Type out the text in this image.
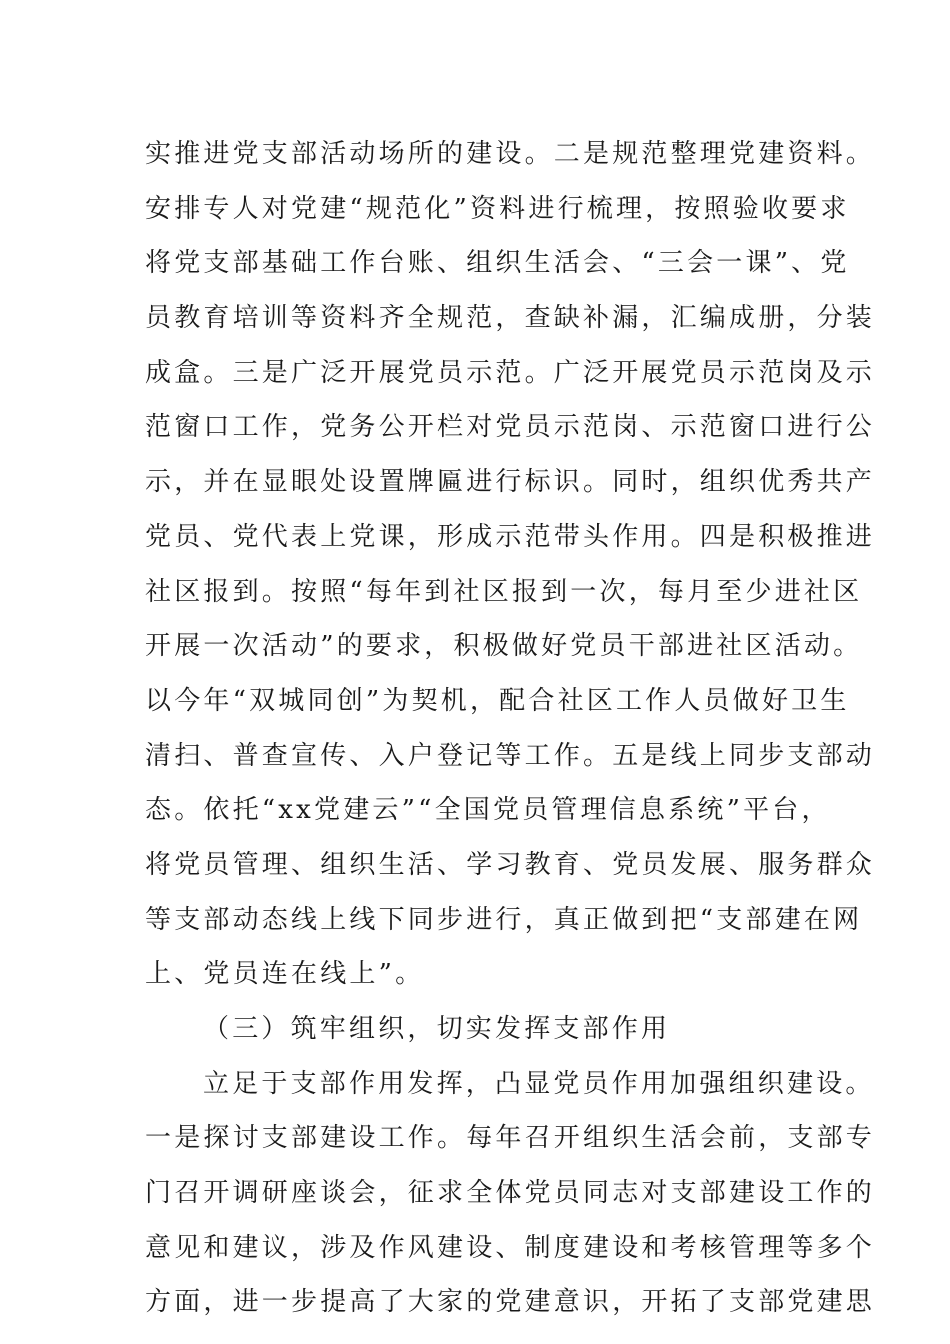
实推进党支部活动场所的建设。二是规范整理党建资料。
安排专人对党建“规范化”资料进行梳理，按照验收要求
将党支部基础工作台账、组织生活会、“三会一课”、党
员教育培训等资料齐全规范，查缺补漏，汇编成册，分装
成盒。三是广泛开展党员示范。广泛开展党员示范岗及示
范窗口工作，党务公开栏对党员示范岗、示范窗口进行公
示，并在显眼处设置牌匾进行标识。同时，组织优秀共产
党员、党代表上党课，形成示范带头作用。四是积极推进
社区报到。按照“每年到社区报到一次，每月至少进社区
开展一次活动”的要求，积极做好党员干部进社区活动。
以今年“双城同创”为契机，配合社区工作人员做好卫生
清扫、普查宣传、入户登记等工作。五是线上同步支部动
态。依托“xx党建云”“全国党员管理信息系统”平台，
将党员管理、组织生活、学习教育、党员发展、服务群众
等支部动态线上线下同步进行，真正做到把“支部建在网
上、党员连在线上”。
（三）筑牢组织，切实发挥支部作用
立足于支部作用发挥，凸显党员作用加强组织建设。
一是探讨支部建设工作。每年召开组织生活会前，支部专
门召开调研座谈会，征求全体党员同志对支部建设工作的
意见和建议，涉及作风建设、制度建设和考核管理等多个
方面，进一步提高了大家的党建意识，开拓了支部党建思
